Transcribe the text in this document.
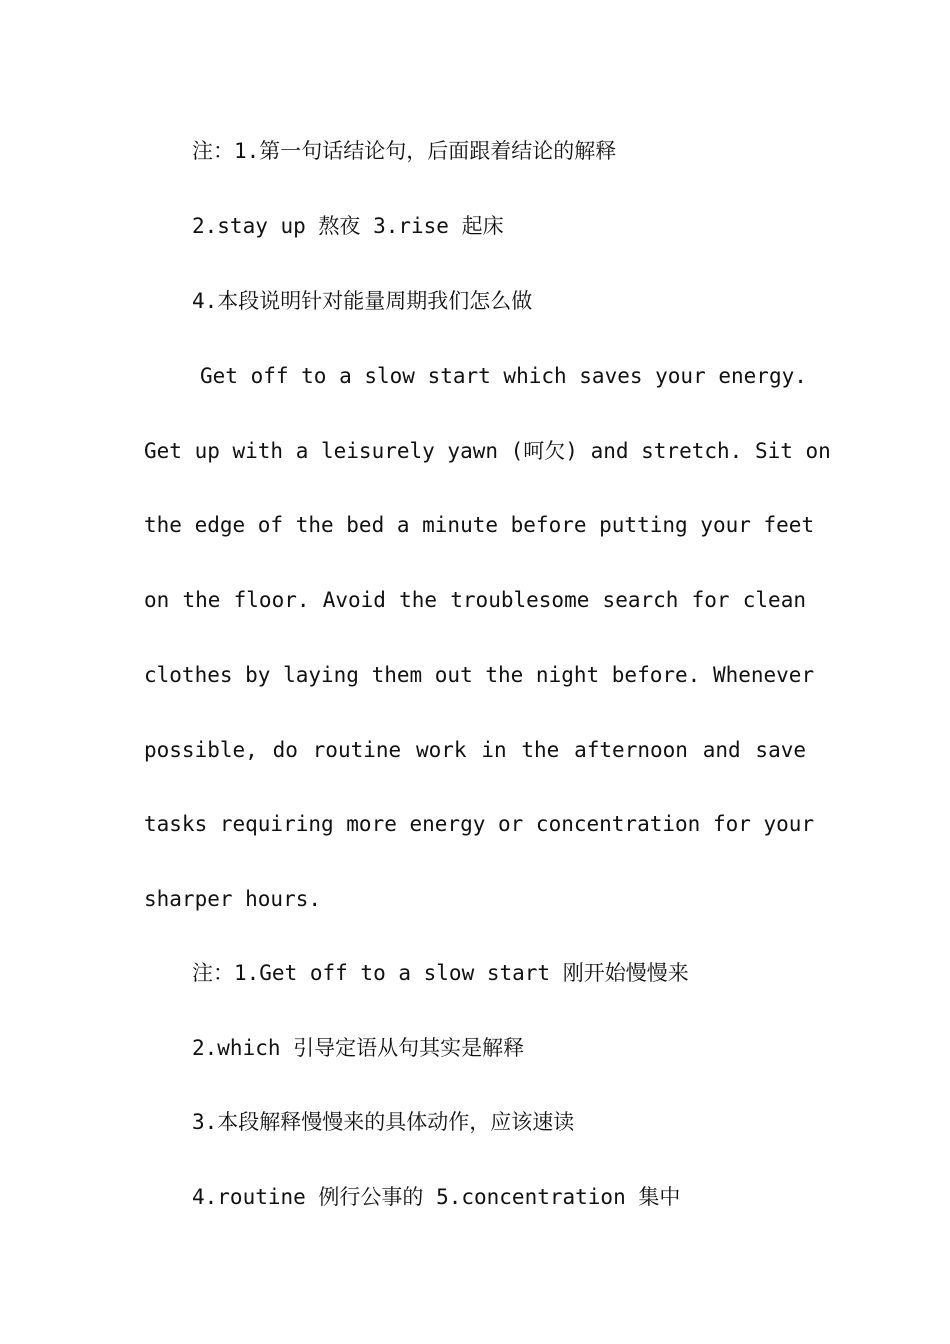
注：1.第一句话结论句，后面跟着结论的解释
2.stay up 熬夜 3.rise 起床
4.本段说明针对能量周期我们怎么做
Get off to a slow start which saves your energy.
Get up with a leisurely yawn (呵欠) and stretch. Sit on
the edge of the bed a minute before putting your feet
on the floor. Avoid the troublesome search for clean
clothes by laying them out the night before. Whenever
possible, do routine work in the afternoon and save
tasks requiring more energy or concentration for your
sharper hours.
注：1.Get off to a slow start 刚开始慢慢来
2.which 引导定语从句其实是解释
3.本段解释慢慢来的具体动作，应该速读
4.routine 例行公事的 5.concentration 集中
